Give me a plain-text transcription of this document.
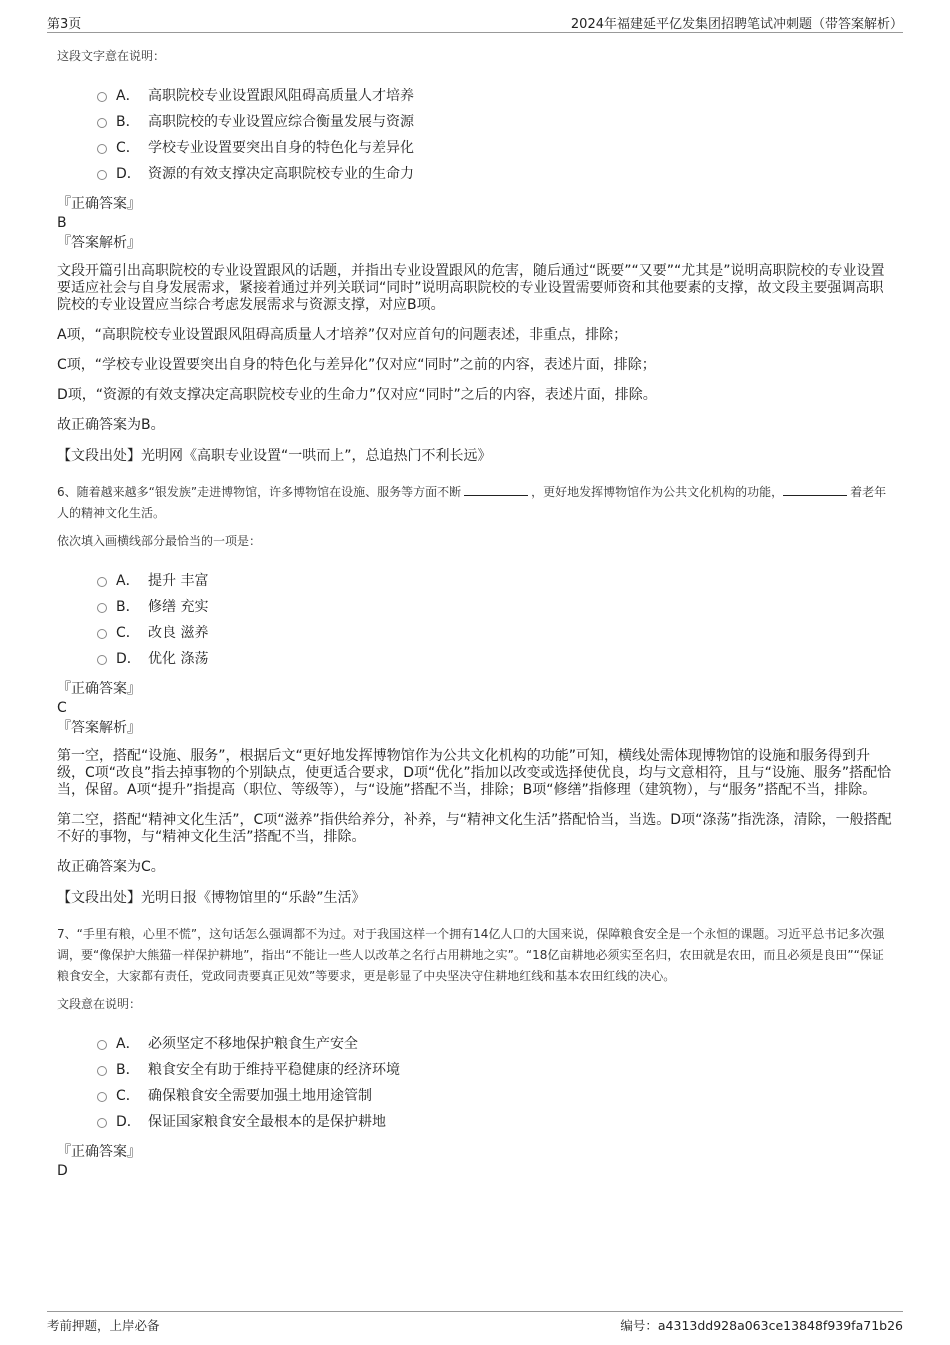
第3页	2024年福建延平亿发集团招聘笔试冲刺题（带答案解析）
这段文字意在说明：
A． 高职院校专业设置跟风阻碍高质量人才培养
B． 高职院校的专业设置应综合衡量发展与资源
C． 学校专业设置要突出自身的特色化与差异化
D． 资源的有效支撑决定高职院校专业的生命力
『正确答案』
B
『答案解析』
文段开篇引出高职院校的专业设置跟风的话题，并指出专业设置跟风的危害，随后通过“既要”“又要”“尤其是”说明高职院校的专业设置要适应社会与自身发展需求，紧接着通过并列关联词“同时”说明高职院校的专业设置需要师资和其他要素的支撑，故文段主要强调高职院校的专业设置应当综合考虑发展需求与资源支撑，对应B项。
A项，“高职院校专业设置跟风阻碍高质量人才培养”仅对应首句的问题表述，非重点，排除；
C项，“学校专业设置要突出自身的特色化与差异化”仅对应“同时”之前的内容，表述片面，排除；
D项，“资源的有效支撑决定高职院校专业的生命力”仅对应“同时”之后的内容，表述片面，排除。
故正确答案为B。
【文段出处】光明网《高职专业设置“一哄而上”，总追热门不利长远》
6、随着越来越多“银发族”走进博物馆，许多博物馆在设施、服务等方面不断	，更好地发挥博物馆作为公共文化机构的功能，	着老年人的精神文化生活。
依次填入画横线部分最恰当的一项是：
A． 提升 丰富
B． 修缮 充实
C． 改良 滋养
D． 优化 涤荡
『正确答案』
C
『答案解析』
第一空，搭配“设施、服务”，根据后文“更好地发挥博物馆作为公共文化机构的功能”可知，横线处需体现博物馆的设施和服务得到升级，C项“改良”指去掉事物的个别缺点，使更适合要求，D项“优化”指加以改变或选择使优良，均与文意相符，且与“设施、服务”搭配恰当，保留。A项“提升”指提高（职位、等级等），与“设施”搭配不当，排除；B项“修缮”指修理（建筑物），与“服务”搭配不当，排除。
第二空，搭配“精神文化生活”，C项“滋养”指供给养分，补养，与“精神文化生活”搭配恰当，当选。D项“涤荡”指洗涤，清除，一般搭配不好的事物，与“精神文化生活”搭配不当，排除。
故正确答案为C。
【文段出处】光明日报《博物馆里的“乐龄”生活》
7、“手里有粮，心里不慌”，这句话怎么强调都不为过。对于我国这样一个拥有14亿人口的大国来说，保障粮食安全是一个永恒的课题。习近平总书记多次强调，要“像保护大熊猫一样保护耕地”，指出“不能让一些人以改革之名行占用耕地之实”。“18亿亩耕地必须实至名归，农田就是农田，而且必须是良田”“保证粮食安全，大家都有责任，党政同责要真正见效”等要求，更是彰显了中央坚决守住耕地红线和基本农田红线的决心。
文段意在说明：
A． 必须坚定不移地保护粮食生产安全
B． 粮食安全有助于维持平稳健康的经济环境
C． 确保粮食安全需要加强土地用途管制
D． 保证国家粮食安全最根本的是保护耕地
『正确答案』
D
考前押题，上岸必备	编号：a4313dd928a063ce13848f939fa71b26
